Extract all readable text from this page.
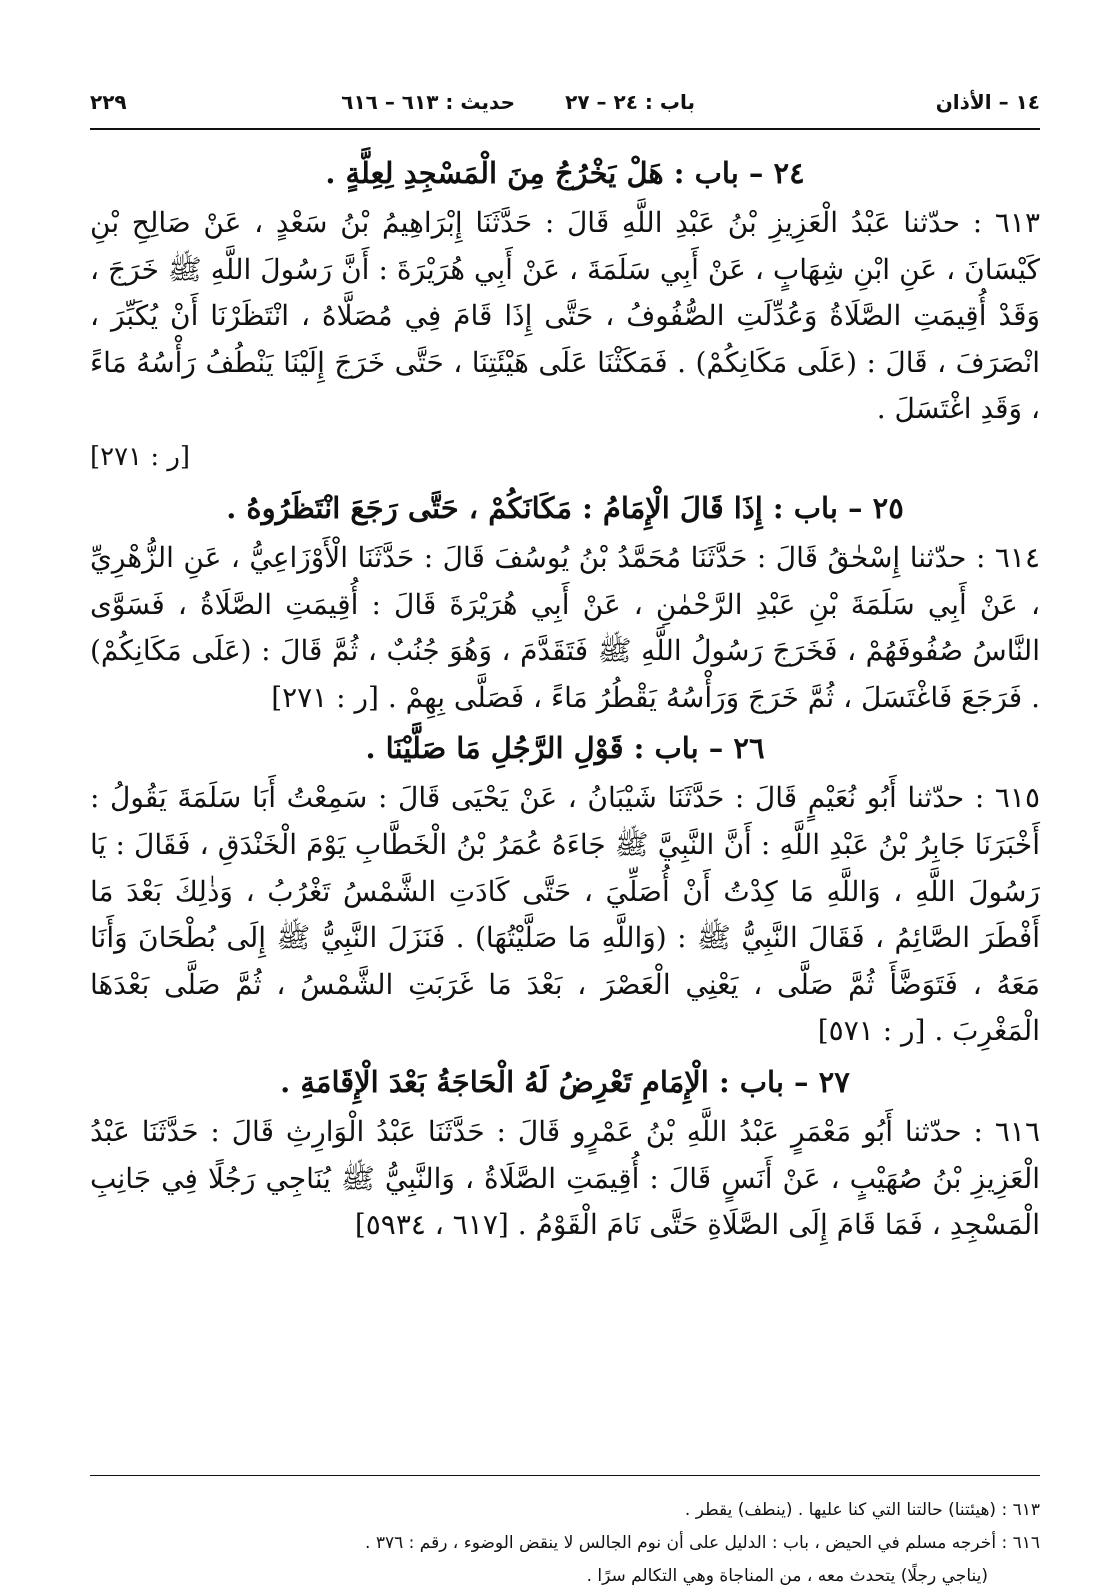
١٤ – الأذان
باب : ٢٤ – ٢٧
حديث : ٦١٣ – ٦١٦
٢٢٩
٢٤ – باب : هَلْ يَخْرُجُ مِنَ الْمَسْجِدِ لِعِلَّةٍ .
٦١٣ : حدّثنا عَبْدُ الْعَزِيزِ بْنُ عَبْدِ اللَّهِ قَالَ : حَدَّثَنَا إِبْرَاهِيمُ بْنُ سَعْدٍ ، عَنْ صَالِحِ بْنِ كَيْسَانَ ، عَنِ ابْنِ شِهَابٍ ، عَنْ أَبِي سَلَمَةَ ، عَنْ أَبِي هُرَيْرَةَ : أَنَّ رَسُولَ اللَّهِ ﷺ خَرَجَ ، وَقَدْ أُقِيمَتِ الصَّلَاةُ وَعُدِّلَتِ الصُّفُوفُ ، حَتَّى إِذَا قَامَ فِي مُصَلَّاهُ ، انْتَظَرْنَا أَنْ يُكَبِّرَ ، انْصَرَفَ ، قَالَ : (عَلَى مَكَانِكُمْ) . فَمَكَثْنَا عَلَى هَيْئَتِنَا ، حَتَّى خَرَجَ إِلَيْنَا يَنْطُفُ رَأْسُهُ مَاءً ، وَقَدِ اغْتَسَلَ .
[ر : ٢٧١]
٢٥ – باب : إِذَا قَالَ الْإِمَامُ : مَكَانَكُمْ ، حَتَّى رَجَعَ انْتَظَرُوهُ .
٦١٤ : حدّثنا إِسْحٰقُ قَالَ : حَدَّثَنَا مُحَمَّدُ بْنُ يُوسُفَ قَالَ : حَدَّثَنَا الْأَوْزَاعِيُّ ، عَنِ الزُّهْرِيِّ ، عَنْ أَبِي سَلَمَةَ بْنِ عَبْدِ الرَّحْمٰنِ ، عَنْ أَبِي هُرَيْرَةَ قَالَ : أُقِيمَتِ الصَّلَاةُ ، فَسَوَّى النَّاسُ صُفُوفَهُمْ ، فَخَرَجَ رَسُولُ اللَّهِ ﷺ فَتَقَدَّمَ ، وَهُوَ جُنُبٌ ، ثُمَّ قَالَ : (عَلَى مَكَانِكُمْ) . فَرَجَعَ فَاغْتَسَلَ ، ثُمَّ خَرَجَ وَرَأْسُهُ يَقْطُرُ مَاءً ، فَصَلَّى بِهِمْ . [ر : ٢٧١]
٢٦ – باب : قَوْلِ الرَّجُلِ مَا صَلَّيْنَا .
٦١٥ : حدّثنا أَبُو نُعَيْمٍ قَالَ : حَدَّثَنَا شَيْبَانُ ، عَنْ يَحْيَى قَالَ : سَمِعْتُ أَبَا سَلَمَةَ يَقُولُ : أَخْبَرَنَا جَابِرُ بْنُ عَبْدِ اللَّهِ : أَنَّ النَّبِيَّ ﷺ جَاءَهُ عُمَرُ بْنُ الْخَطَّابِ يَوْمَ الْخَنْدَقِ ، فَقَالَ : يَا رَسُولَ اللَّهِ ، وَاللَّهِ مَا كِدْتُ أَنْ أُصَلِّيَ ، حَتَّى كَادَتِ الشَّمْسُ تَغْرُبُ ، وَذٰلِكَ بَعْدَ مَا أَفْطَرَ الصَّائِمُ ، فَقَالَ النَّبِيُّ ﷺ : (وَاللَّهِ مَا صَلَّيْتُهَا) . فَنَزَلَ النَّبِيُّ ﷺ إِلَى بُطْحَانَ وَأَنَا مَعَهُ ، فَتَوَضَّأَ ثُمَّ صَلَّى ، يَعْنِي الْعَصْرَ ، بَعْدَ مَا غَرَبَتِ الشَّمْسُ ، ثُمَّ صَلَّى بَعْدَهَا الْمَغْرِبَ . [ر : ٥٧١]
٢٧ – باب : الْإِمَامِ تَعْرِضُ لَهُ الْحَاجَةُ بَعْدَ الْإِقَامَةِ .
٦١٦ : حدّثنا أَبُو مَعْمَرٍ عَبْدُ اللَّهِ بْنُ عَمْرٍو قَالَ : حَدَّثَنَا عَبْدُ الْوَارِثِ قَالَ : حَدَّثَنَا عَبْدُ الْعَزِيزِ بْنُ صُهَيْبٍ ، عَنْ أَنَسٍ قَالَ : أُقِيمَتِ الصَّلَاةُ ، وَالنَّبِيُّ ﷺ يُنَاجِي رَجُلًا فِي جَانِبِ الْمَسْجِدِ ، فَمَا قَامَ إِلَى الصَّلَاةِ حَتَّى نَامَ الْقَوْمُ . [٦١٧ ، ٥٩٣٤]
٦١٣ : (هيئتنا) حالتنا التي كنا عليها . (ينطف) يقطر .
٦١٦ : أخرجه مسلم في الحيض ، باب : الدليل على أن نوم الجالس لا ينقض الوضوء ، رقم : ٣٧٦ .
(يناجي رجلًا) يتحدث معه ، من المناجاة وهي التكالم سرًا .
